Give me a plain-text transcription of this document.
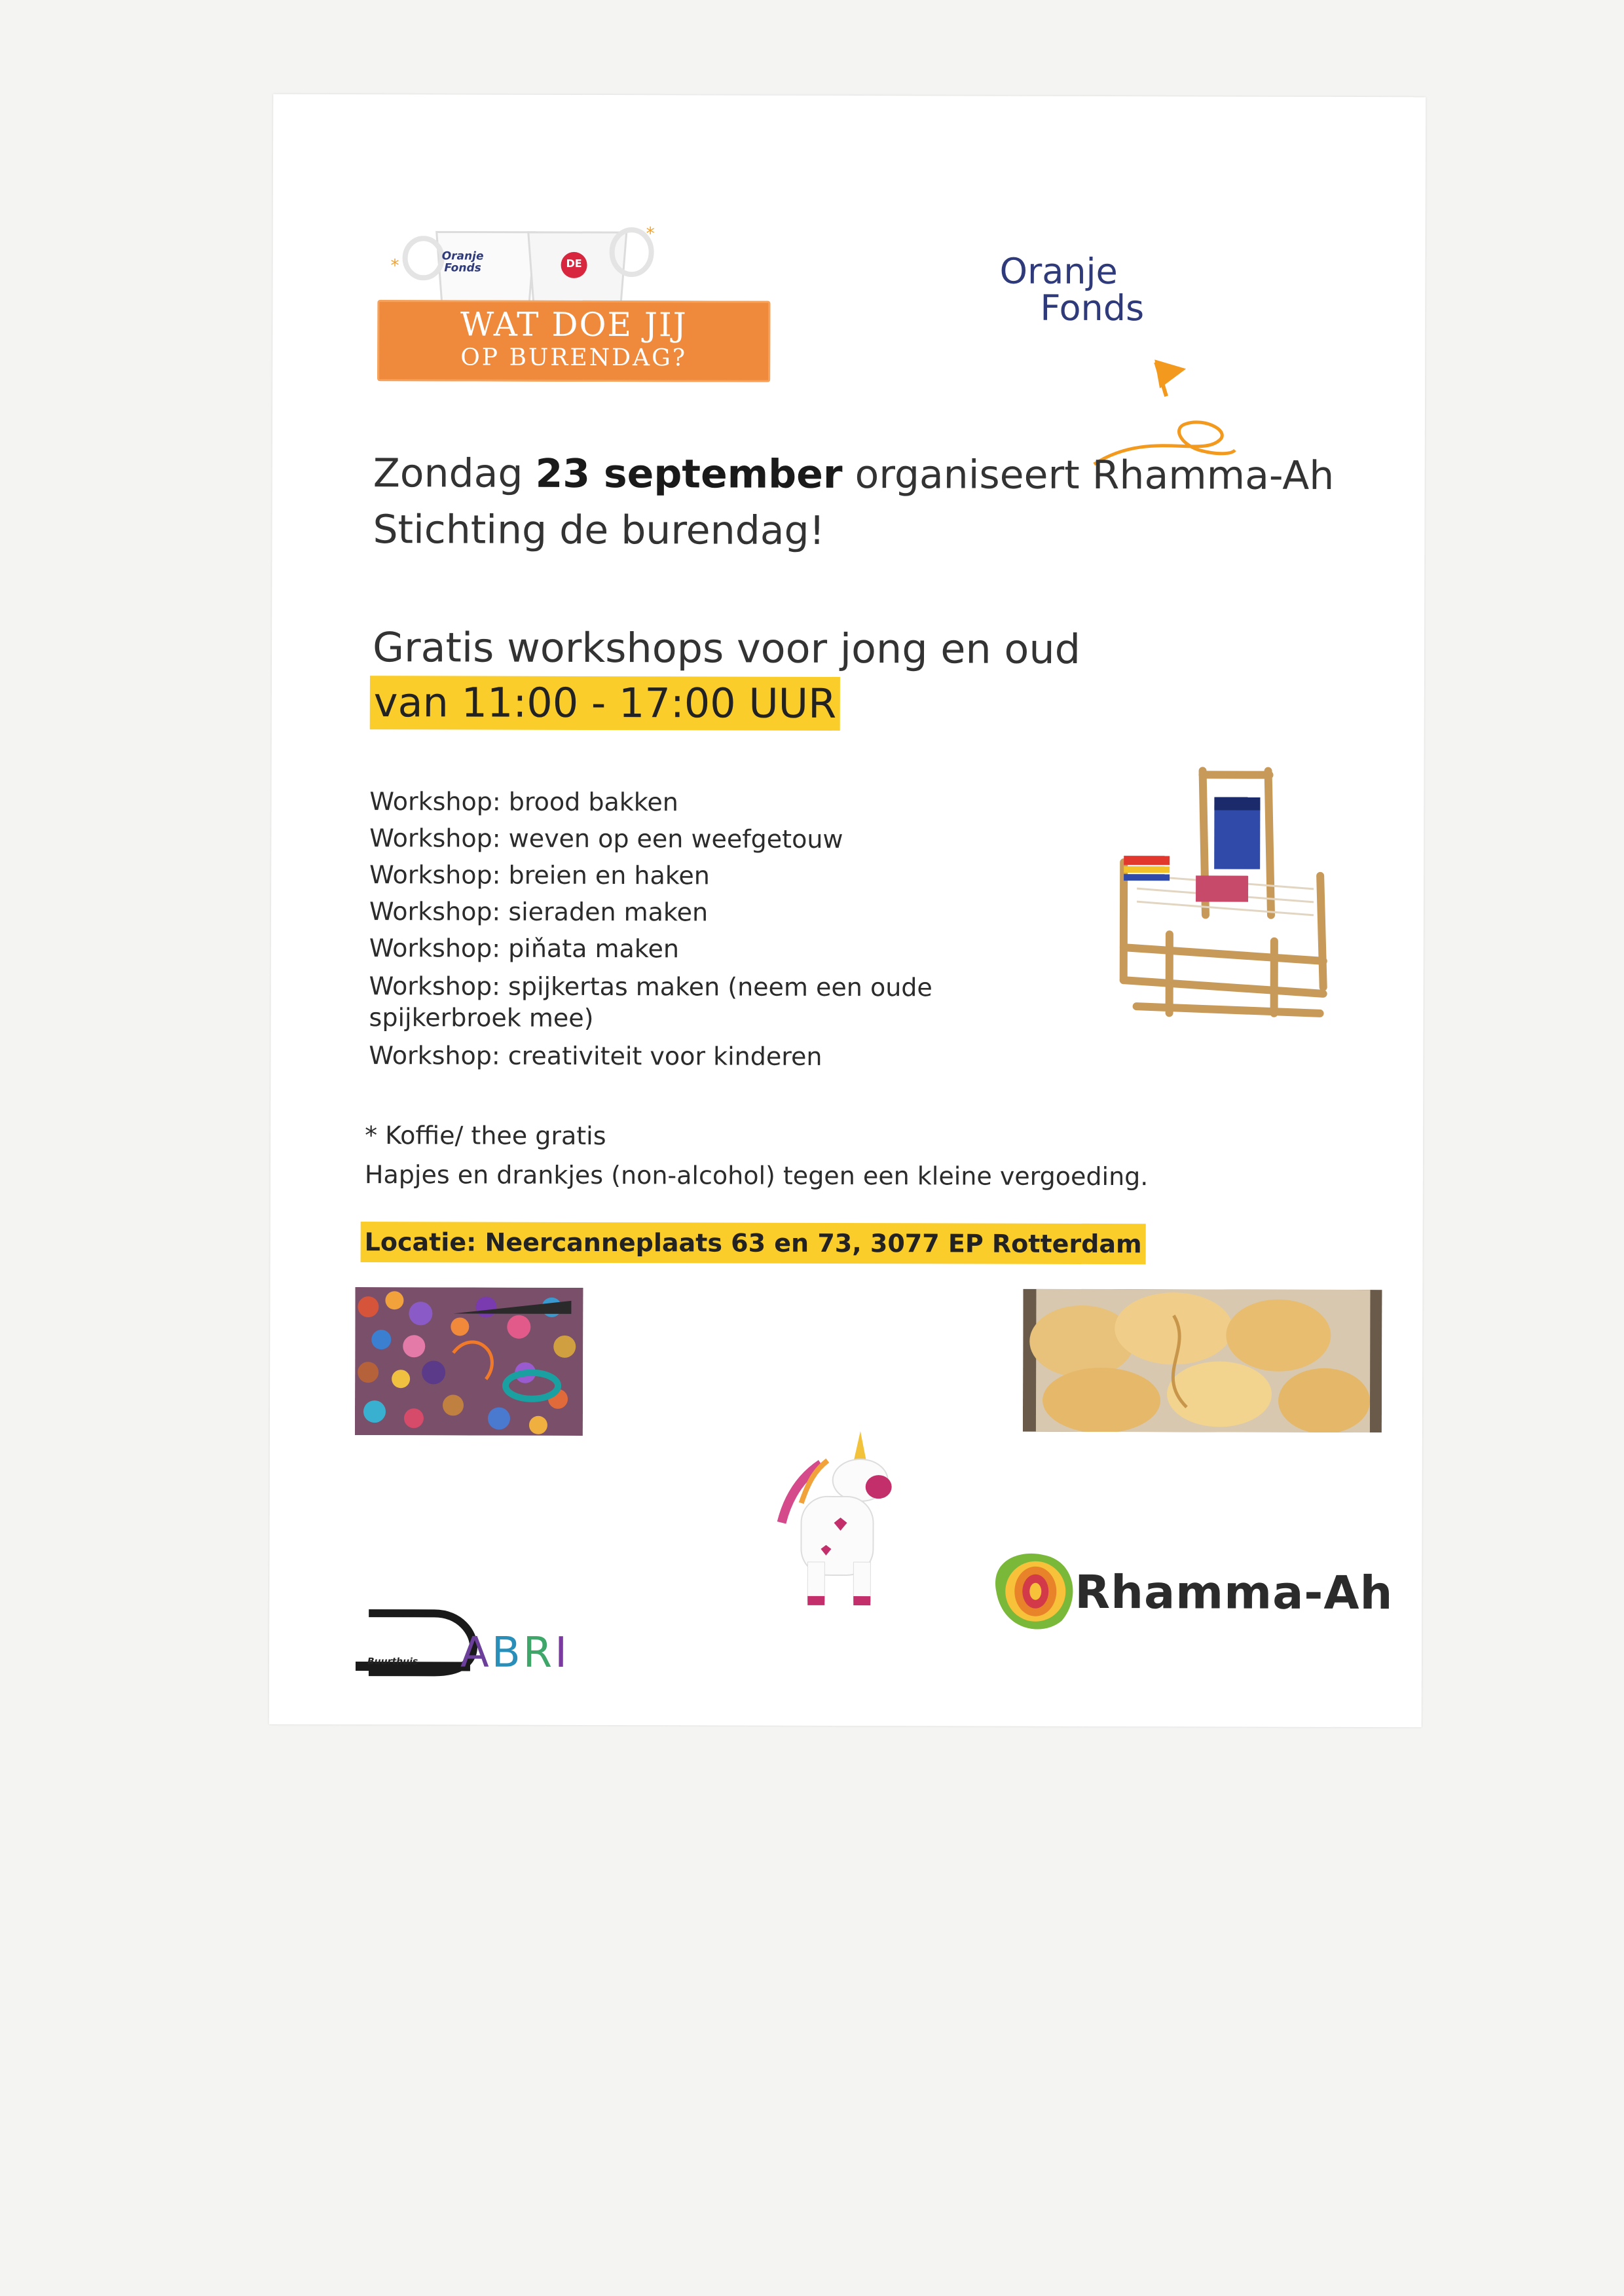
*
*
Oranje Fonds	DE
WAT DOE JIJ
OP BURENDAG?
Oranje
Fonds
Zondag 23 september organiseert Rhamma-Ah Stichting de burendag!
Gratis workshops voor jong en oud
van 11:00 - 17:00 UUR
Workshop: brood bakken
Workshop: weven op een weefgetouw
Workshop: breien en haken
Workshop: sieraden maken
Workshop: piňata maken
Workshop: spijkertas maken (neem een oude spijkerbroek mee)
Workshop: creativiteit voor kinderen
* Koffie/ thee gratis
Hapjes en drankjes (non-alcohol) tegen een kleine vergoeding.
Locatie: Neercanneplaats 63 en 73, 3077 EP Rotterdam
Buurthuis ABRI
Rhamma-Ah
